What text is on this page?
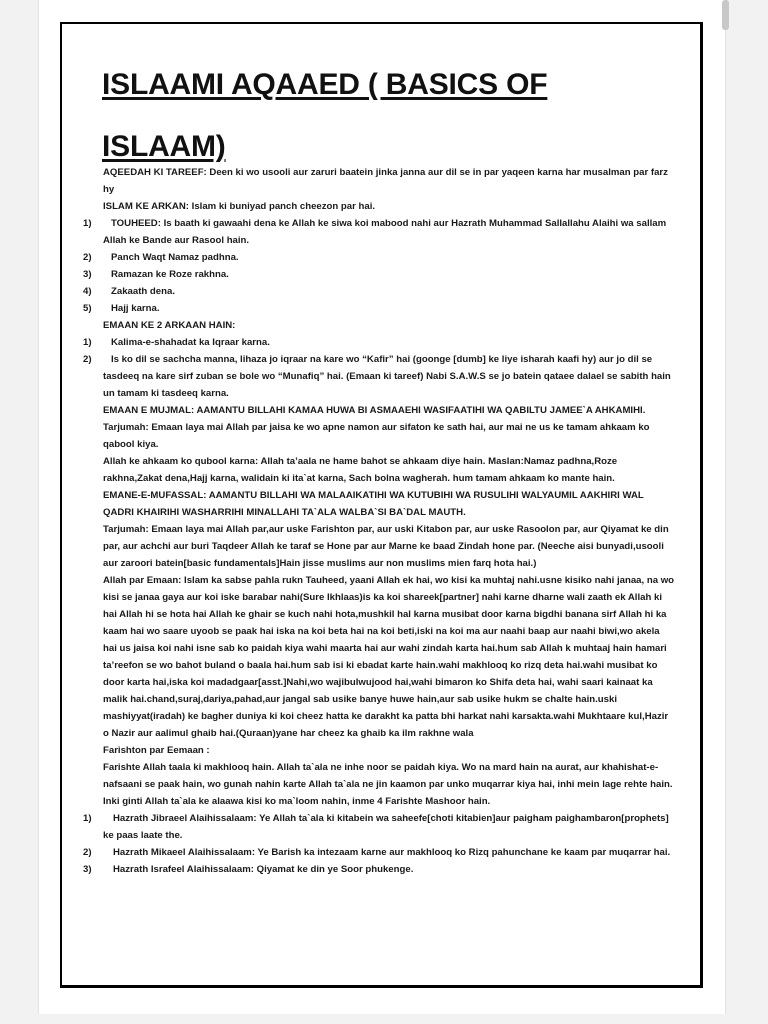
ISLAAMI AQAAED ( BASICS OF ISLAAM)

AQEEDAH KI TAREEF: Deen ki wo usooli aur zaruri baatein jinka janna aur dil se in par yaqeen karna har musalman par farz hy

ISLAM KE ARKAN: Islam ki buniyad panch cheezon par hai.

1)	TOUHEED: Is baath ki gawaahi dena ke Allah ke siwa koi mabood nahi aur Hazrath Muhammad Sallallahu Alaihi wa sallam Allah ke Bande aur Rasool hain.
2)	Panch Waqt Namaz padhna.
3)	Ramazan ke Roze rakhna.
4)	Zakaath dena.
5)	Hajj karna.

EMAAN KE 2 ARKAAN HAIN:

1)	Kalima-e-shahadat ka Iqraar karna.
2)	Is ko dil se sachcha manna, lihaza jo iqraar na kare wo “Kafir” hai (goonge [dumb] ke liye isharah kaafi hy) aur jo dil se tasdeeq na kare sirf zuban se bole wo “Munafiq” hai. (Emaan ki tareef) Nabi S.A.W.S se jo batein qataee dalael se sabith hain un tamam ki tasdeeq karna.

EMAAN E MUJMAL: AAMANTU BILLAHI KAMAA HUWA BI ASMAAEHI WASIFAATIHI WA QABILTU JAMEE`A AHKAMIHI.

Tarjumah: Emaan laya mai Allah par jaisa ke wo apne namon aur sifaton ke sath hai, aur mai ne us ke tamam ahkaam ko qabool kiya.

Allah ke ahkaam ko qubool karna: Allah ta’aala ne hame bahot se ahkaam diye hain. Maslan:Namaz padhna,Roze rakhna,Zakat dena,Hajj karna, walidain ki ita`at karna, Sach bolna wagherah. hum tamam ahkaam ko mante hain.

EMANE-E-MUFASSAL: AAMANTU BILLAHI WA MALAAIKATIHI WA KUTUBIHI WA RUSULIHI WALYAUMIL AAKHIRI WAL QADRI KHAIRIHI WASHARRIHI MINALLAHI TA`ALA WALBA`SI BA`DAL MAUTH.

Tarjumah: Emaan laya mai Allah par,aur uske Farishton par, aur uski Kitabon par, aur uske Rasoolon par, aur Qiyamat ke din par, aur achchi aur buri Taqdeer Allah ke taraf se Hone par aur Marne ke baad Zindah hone par. (Neeche aisi bunyadi,usooli aur zaroori batein[basic fundamentals]Hain jisse muslims aur non muslims mien farq hota hai.)

Allah par Emaan: Islam ka sabse pahla rukn Tauheed, yaani Allah ek hai, wo kisi ka muhtaj nahi.usne kisiko nahi janaa, na wo kisi se janaa gaya aur koi iske barabar nahi(Sure Ikhlaas)is ka koi shareek[partner] nahi karne dharne wali zaath ek Allah ki hai Allah hi se hota hai Allah ke ghair se kuch nahi hota,mushkil hal karna musibat door karna bigdhi banana sirf Allah hi ka kaam hai wo saare uyoob se paak hai iska na koi beta hai na koi beti,iski na koi ma aur naahi baap aur naahi biwi,wo akela hai us jaisa koi nahi isne sab ko paidah kiya wahi maarta hai aur wahi zindah karta hai.hum sab Allah k muhtaaj hain hamari ta’reefon se wo bahot buland o baala hai.hum sab isi ki ebadat karte hain.wahi makhlooq ko rizq deta hai.wahi musibat ko door karta hai,iska koi madadgaar[asst.]Nahi,wo wajibulwujood hai,wahi bimaron ko Shifa deta hai, wahi saari kainaat ka malik hai.chand,suraj,dariya,pahad,aur jangal sab usike banye huwe hain,aur sab usike hukm se chalte hain.uski mashiyyat(iradah) ke bagher duniya ki koi cheez hatta ke darakht ka patta bhi harkat nahi karsakta.wahi Mukhtaare kul,Hazir o Nazir aur aalimul ghaib hai.(Quraan)yane har cheez ka ghaib ka ilm rakhne wala

Farishton par Eemaan :

Farishte Allah taala ki makhlooq hain. Allah ta`ala ne inhe noor se paidah kiya. Wo na mard hain na aurat, aur khahishat-e-nafsaani se paak hain, wo gunah nahin karte Allah ta`ala ne jin kaamon par unko muqarrar kiya hai, inhi mein lage rehte hain. Inki ginti Allah ta`ala ke alaawa kisi ko ma`loom nahin, inme 4 Farishte Mashoor hain.

1)	Hazrath Jibraeel Alaihissalaam: Ye Allah ta`ala ki kitabein wa saheefe[choti kitabien]aur paigham paighambaron[prophets] ke paas laate the.
2)	Hazrath Mikaeel Alaihissalaam: Ye Barish ka intezaam karne aur makhlooq ko Rizq pahunchane ke kaam par muqarrar hai.
3)	Hazrath Israfeel Alaihissalaam: Qiyamat ke din ye Soor phukenge.
